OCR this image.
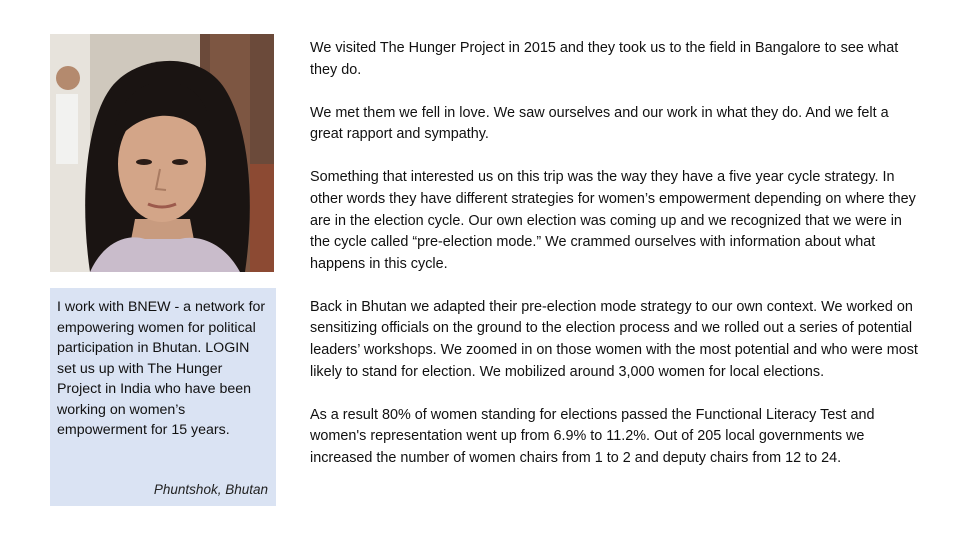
I work with BNEW - a network for empowering women for political participation in Bhutan. LOGIN set us up with The Hunger Project in India who have been working on women’s empowerment for 15 years.

Phuntshok, Bhutan

We visited The Hunger Project in 2015 and they took us to the field in Bangalore to see what they do.

We met them we fell in love. We saw ourselves and our work in what they do. And we felt a great rapport and sympathy.

Something that interested us on this trip was the way they have a five year cycle strategy. In other words they have different strategies for women’s empowerment depending on where they are in the election cycle. Our own election was coming up and we recognized that we were in the cycle called “pre-election mode.” We crammed ourselves with information about what happens in this cycle.

Back in Bhutan we adapted their pre-election mode strategy to our own context. We worked on sensitizing officials on the ground to the election process and we rolled out a series of potential leaders’ workshops. We zoomed in on those women with the most potential and who were most likely to stand for election. We mobilized around 3,000 women for local elections.

As a result 80% of women standing for elections passed the Functional Literacy Test and women's representation went up from 6.9% to 11.2%. Out of 205 local governments we increased the number of women chairs from 1 to 2 and deputy chairs from 12 to 24.
